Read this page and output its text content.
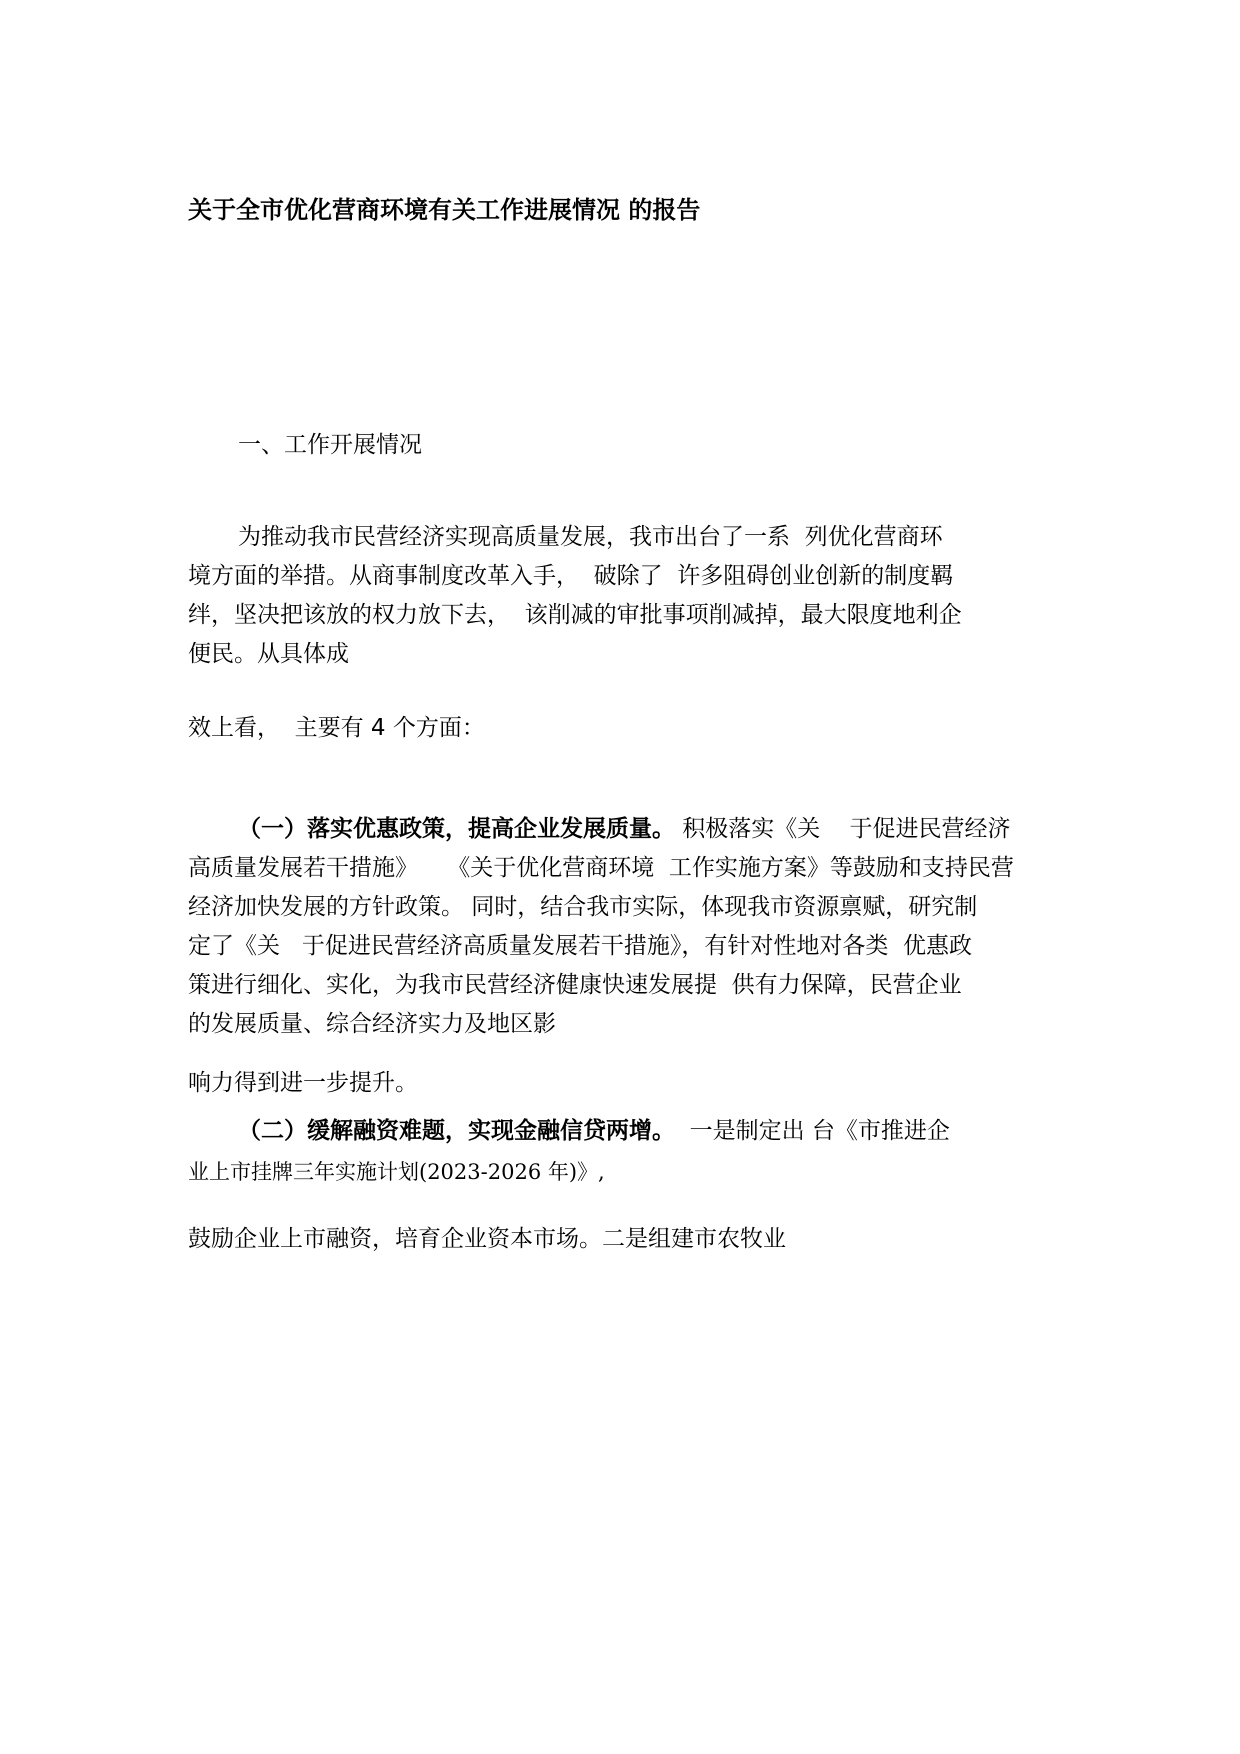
关于全市优化营商环境有关工作进展情况 的报告

一、工作开展情况

为推动我市民营经济实现高质量发展，我市出台了一系  列优化营商环

境方面的举措。从商事制度改革入手，  破除了  许多阻碍创业创新的制度羁

绊，坚决把该放的权力放下去，  该削减的审批事项削减掉，最大限度地利企

便民。从具体成

效上看，  主要有 4 个方面：

（一）落实优惠政策，提高企业发展质量。 积极落实《关    于促进民营经济

高质量发展若干措施》    《关于优化营商环境  工作实施方案》等鼓励和支持民营

经济加快发展的方针政策。 同时，结合我市实际，体现我市资源禀赋，研究制

定了《关   于促进民营经济高质量发展若干措施》，有针对性地对各类  优惠政

策进行细化、实化，为我市民营经济健康快速发展提  供有力保障，民营企业

的发展质量、综合经济实力及地区影

响力得到进一步提升。

（二）缓解融资难题，实现金融信贷两增。  一是制定出 台《市推进企

业上市挂牌三年实施计划(2023-2026 年)》,

鼓励企业上市融资，培育企业资本市场。二是组建市农牧业
